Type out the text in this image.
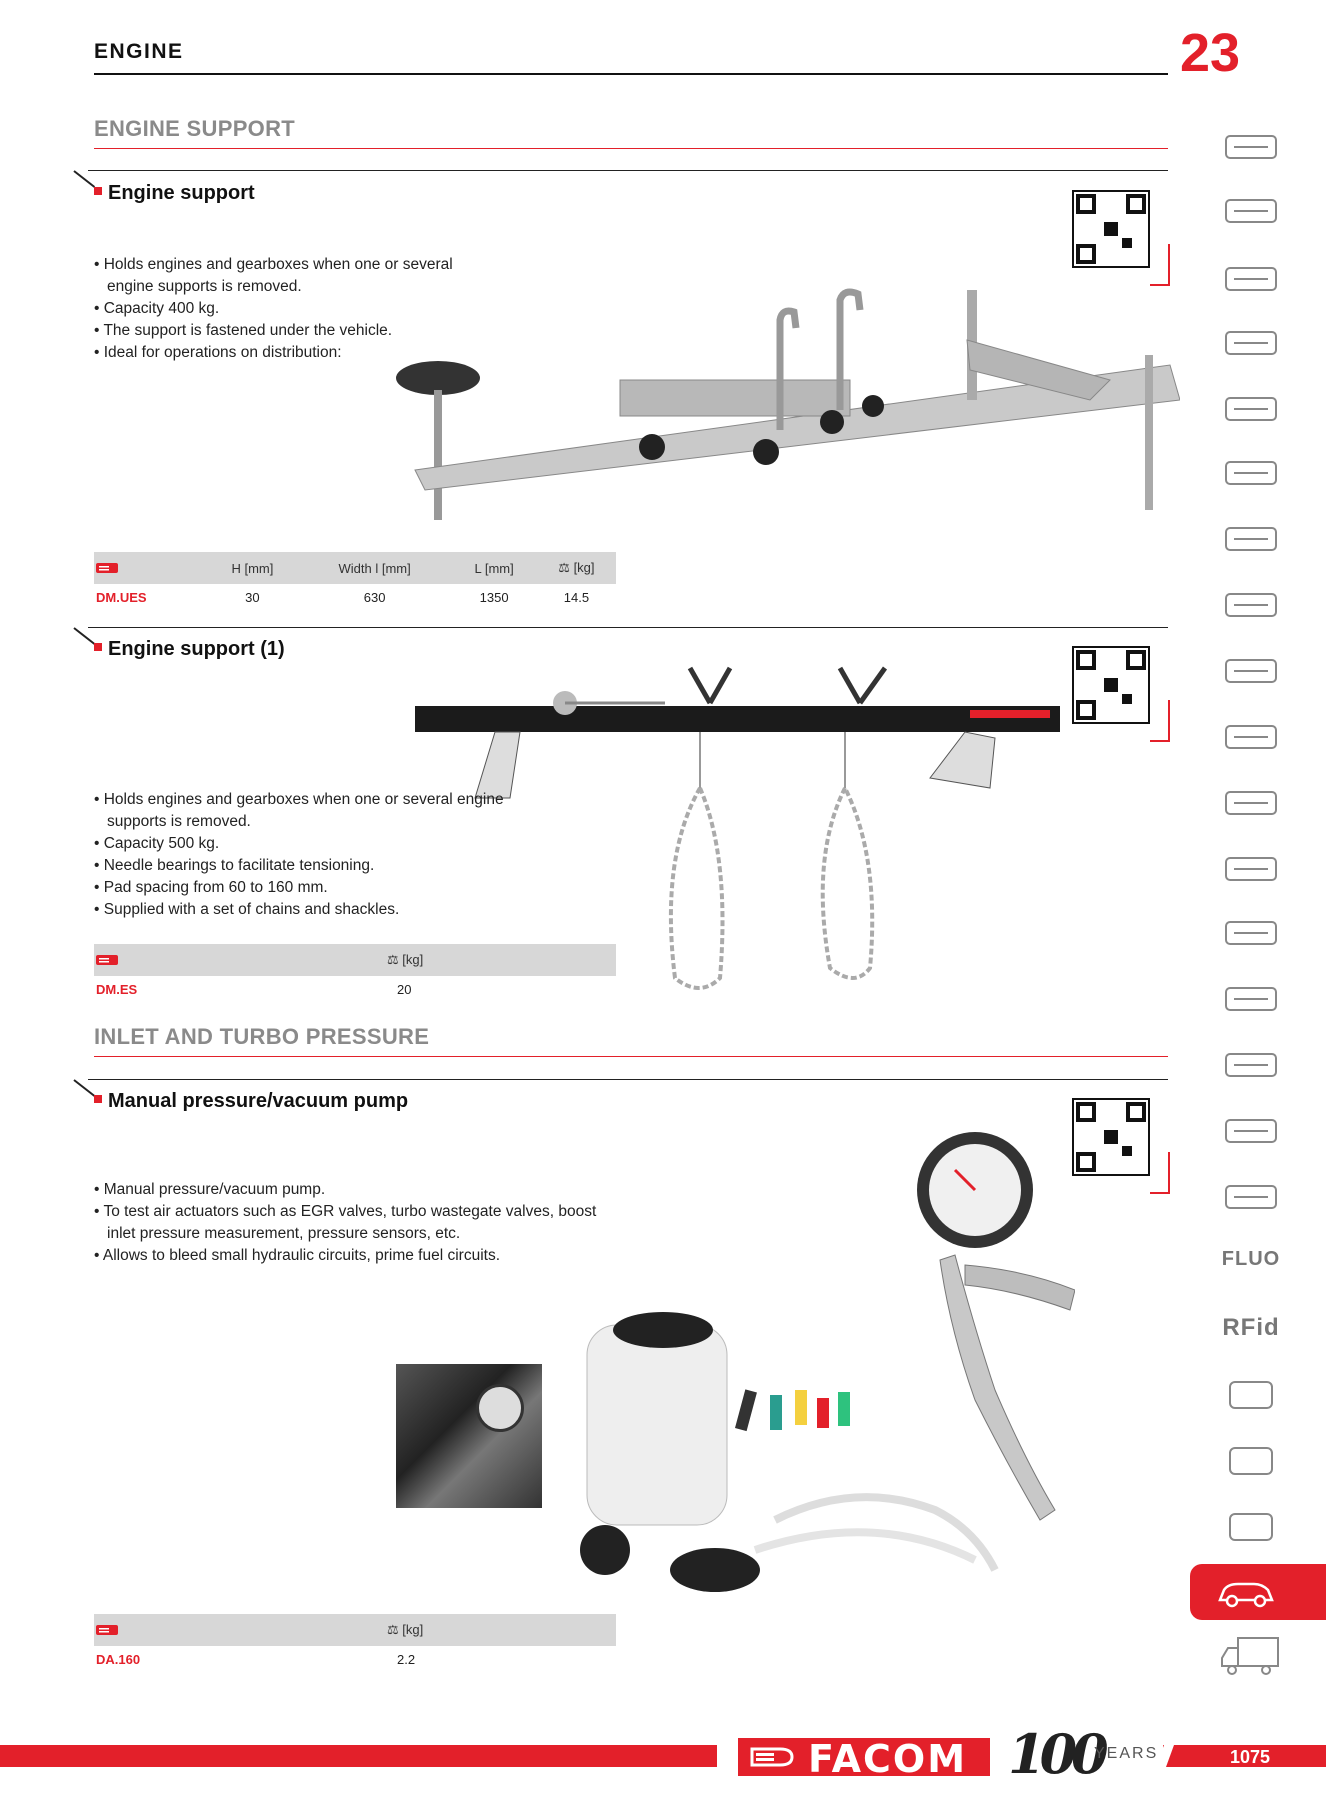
ENGINE	23
ENGINE SUPPORT
Engine support
• Holds engines and gearboxes when one or several engine supports is removed.
• Capacity 400 kg.
• The support is fastened under the vehicle.
• Ideal for operations on distribution:
	H [mm]	Width l [mm]	L [mm]	⚖ [kg]
DM.UES	30	630	1350	14.5
Engine support (1)
• Holds engines and gearboxes when one or several engine supports is removed.
• Capacity 500 kg.
• Needle bearings to facilitate tensioning.
• Pad spacing from 60 to 160 mm.
• Supplied with a set of chains and shackles.
	⚖ [kg]
DM.ES	20
INLET AND TURBO PRESSURE
Manual pressure/vacuum pump
• Manual pressure/vacuum pump.
• To test air actuators such as EGR valves, turbo wastegate valves, boost inlet pressure measurement, pressure sensors, etc.
• Allows to bleed small hydraulic circuits, prime fuel circuits.
	⚖ [kg]
DA.160	2.2
FLUO
RFid
FACOM 100
YEARS	1075
